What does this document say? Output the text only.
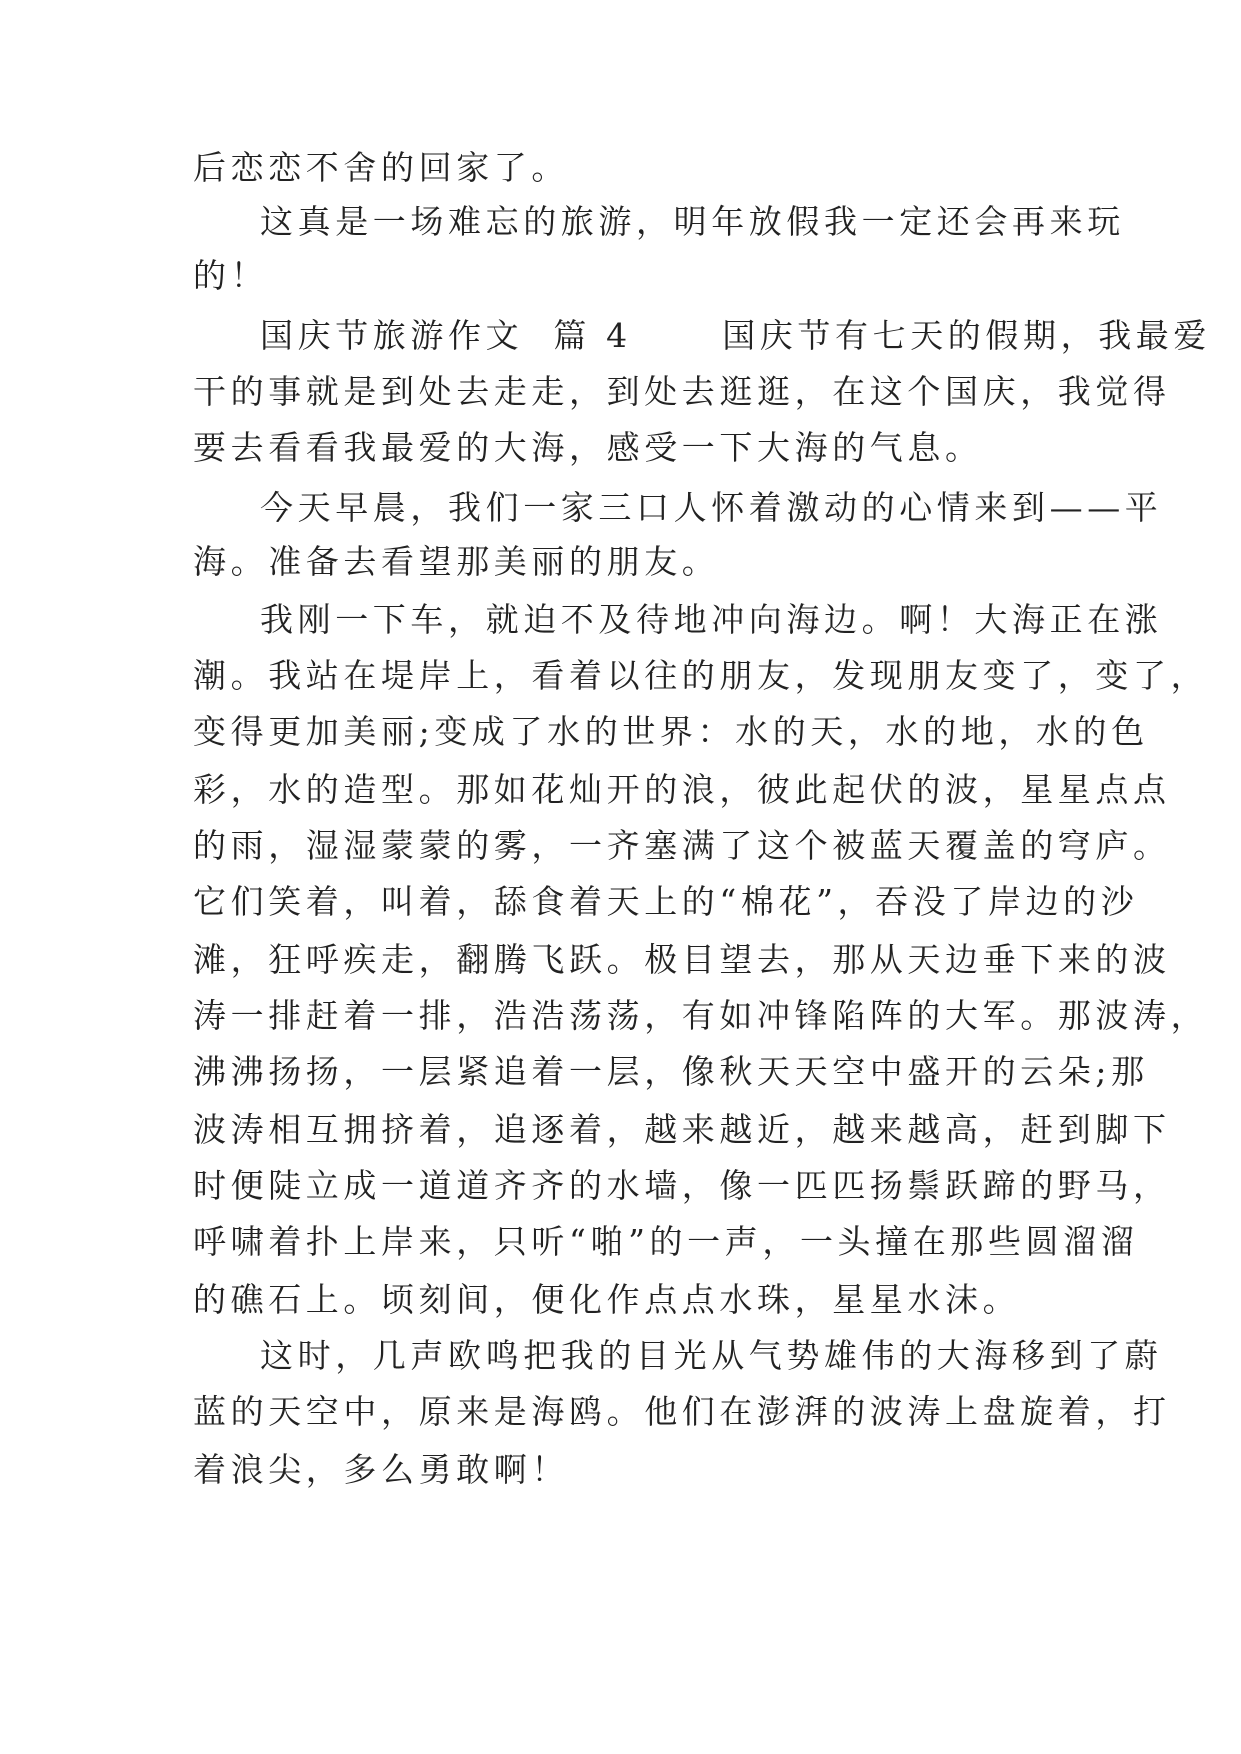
后恋恋不舍的回家了。
这真是一场难忘的旅游，明年放假我一定还会再来玩
的！
国庆节旅游作文  篇 4      国庆节有七天的假期，我最爱
干的事就是到处去走走，到处去逛逛，在这个国庆，我觉得
要去看看我最爱的大海，感受一下大海的气息。
今天早晨，我们一家三口人怀着激动的心情来到——平
海。准备去看望那美丽的朋友。
我刚一下车，就迫不及待地冲向海边。啊！大海正在涨
潮。我站在堤岸上，看着以往的朋友，发现朋友变了，变了，
变得更加美丽;变成了水的世界：水的天，水的地，水的色
彩，水的造型。那如花灿开的浪，彼此起伏的波，星星点点
的雨，湿湿蒙蒙的雾，一齐塞满了这个被蓝天覆盖的穹庐。
它们笑着，叫着，舔食着天上的“棉花”，吞没了岸边的沙
滩，狂呼疾走，翻腾飞跃。极目望去，那从天边垂下来的波
涛一排赶着一排，浩浩荡荡，有如冲锋陷阵的大军。那波涛，
沸沸扬扬，一层紧追着一层，像秋天天空中盛开的云朵;那
波涛相互拥挤着，追逐着，越来越近，越来越高，赶到脚下
时便陡立成一道道齐齐的水墙，像一匹匹扬鬃跃蹄的野马，
呼啸着扑上岸来，只听“啪”的一声，一头撞在那些圆溜溜
的礁石上。顷刻间，便化作点点水珠，星星水沫。
这时，几声欧鸣把我的目光从气势雄伟的大海移到了蔚
蓝的天空中，原来是海鸥。他们在澎湃的波涛上盘旋着，打
着浪尖，多么勇敢啊！
